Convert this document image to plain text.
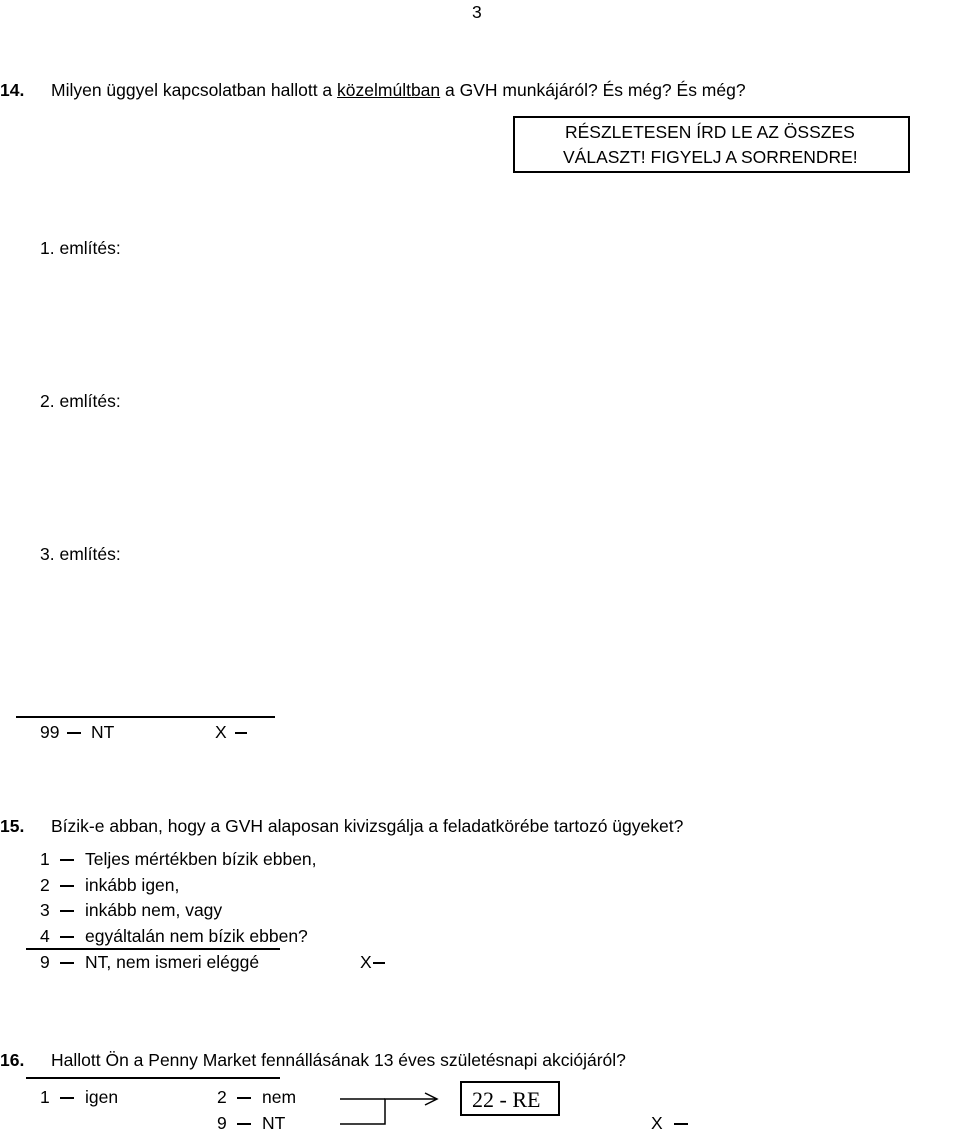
3
14. Milyen üggyel kapcsolatban hallott a közelmúltban a GVH munkájáról? És még? És még?
RÉSZLETESEN ÍRD LE AZ ÖSSZES
VÁLASZT! FIGYELJ A SORRENDRE!
1. említés:
2. említés:
3. említés:
99 NT	X
15. Bízik-e abban, hogy a GVH alaposan kivizsgálja a feladatkörébe tartozó ügyeket?
1 Teljes mértékben bízik ebben,
2 inkább igen,
3 inkább nem, vagy
4 egyáltalán nem bízik ebben?
9 NT, nem ismeri eléggé	X
16. Hallott Ön a Penny Market fennállásának 13 éves születésnapi akciójáról?
1 igen	2 nem
9 NT
22 - RE
X
